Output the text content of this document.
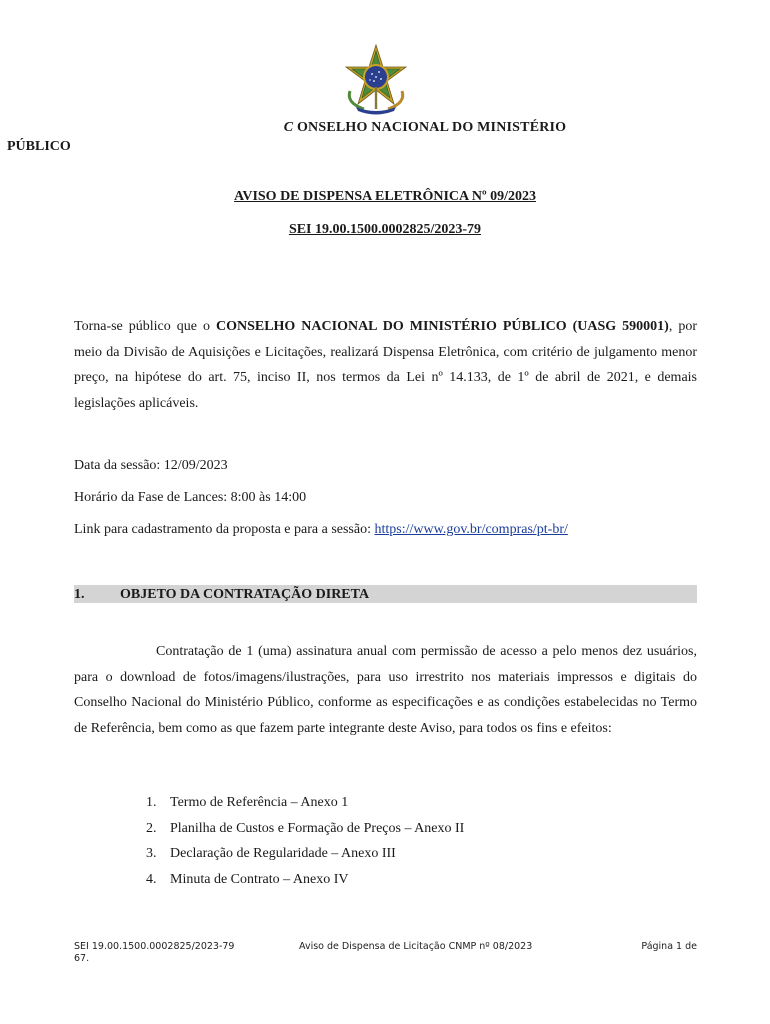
C ONSELHO NACIONAL DO MINISTÉRIO
PÚBLICO
AVISO DE DISPENSA ELETRÔNICA Nº 09/2023
SEI 19.00.1500.0002825/2023-79

Torna-se público que o CONSELHO NACIONAL DO MINISTÉRIO PÚBLICO (UASG 590001), por meio da Divisão de Aquisições e Licitações, realizará Dispensa Eletrônica, com critério de julgamento menor preço, na hipótese do art. 75, inciso II, nos termos da Lei nº 14.133, de 1º de abril de 2021, e demais legislações aplicáveis.

Data da sessão: 12/09/2023
Horário da Fase de Lances: 8:00 às 14:00
Link para cadastramento da proposta e para a sessão: https://www.gov.br/compras/pt-br/
1.	OBJETO DA CONTRATAÇÃO DIRETA

Contratação de 1 (uma) assinatura anual com permissão de acesso a pelo menos dez usuários, para o download de fotos/imagens/ilustrações, para uso irrestrito nos materiais impressos e digitais do Conselho Nacional do Ministério Público, conforme as especificações e as condições estabelecidas no Termo de Referência, bem como as que fazem parte integrante deste Aviso, para todos os fins e efeitos:

1. Termo de Referência – Anexo 1
2. Planilha de Custos e Formação de Preços – Anexo II
3. Declaração de Regularidade – Anexo III
4. Minuta de Contrato – Anexo IV
SEI 19.00.1500.0002825/2023-79	Aviso de Dispensa de Licitação CNMP nº 08/2023	Página 1 de
67.
